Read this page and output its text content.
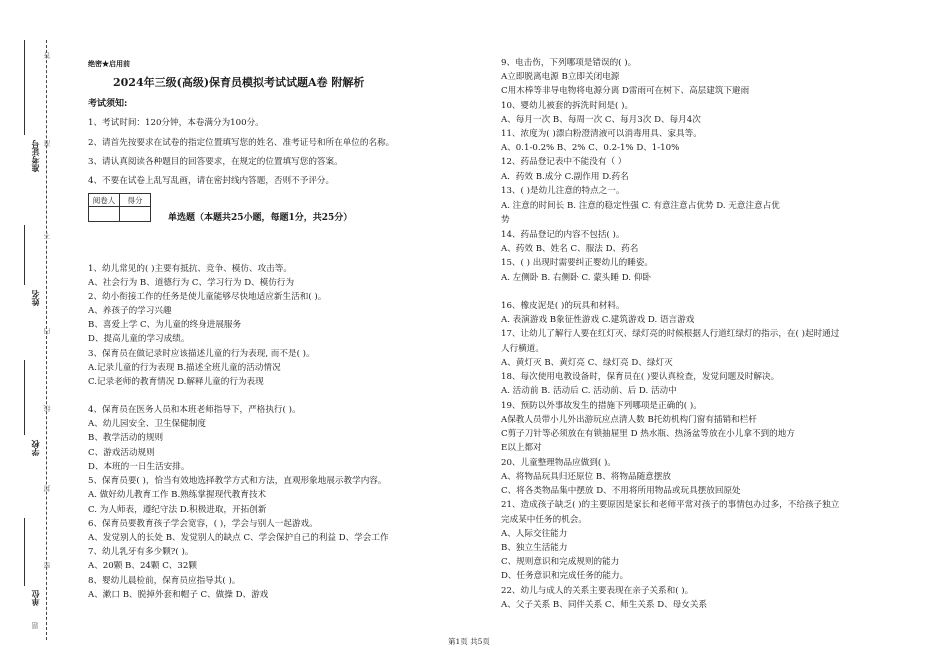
答
准
不
内
线
封
密
准考证号
姓名
学校
单位
题
绝密★启用前
2024年三级(高级)保育员模拟考试试题A卷 附解析
考试须知:
1、考试时间：120分钟，本卷满分为100分。
2、请首先按要求在试卷的指定位置填写您的姓名、准考证号和所在单位的名称。
3、请认真阅读各种题目的回答要求，在规定的位置填写您的答案。
4、不要在试卷上乱写乱画，请在密封线内答题，否则不予评分。
阅卷人	得分

单选题（本题共25小题，每题1分，共25分）
1、幼儿常见的( )主要有抵抗、竞争、模仿、攻击等。
A、社会行为 B、道德行为 C、学习行为 D、模仿行为
2、幼小衔接工作的任务是使儿童能够尽快地适应新生活和( )。
A、养孩子的学习兴趣
B、喜爱上学 C、为儿童的终身进展服务
D、提高儿童的学习成绩。
3、保育员在做记录时应该描述儿童的行为表现, 而不是( )。
A.记录儿童的行为表现 B.描述全班儿童的活动情况
C.记录老师的教育情况 D.解释儿童的行为表现
4、保育员在医务人员和本班老师指导下，严格执行( )。
A、幼儿园安全、卫生保健制度
B、教学活动的规则
C、游戏活动规则
D、本班的一日生活安排。
5、保育员要( )，恰当有效地选择教学方式和方法，直观形象地展示教学内容。
A. 做好幼儿教育工作 B.熟练掌握现代教育技术
C. 为人师表，遵纪守法 D.积极进取，开拓创新
6、保育员要教育孩子学会宽容，( )，学会与别人一起游戏。
A、发觉别人的长处 B、发觉别人的缺点 C、学会保护自己的利益 D、学会工作
7、幼儿乳牙有多少颗?( )。
A、20颗 B、24颗 C、32颗
8、婴幼儿晨检前，保育员应指导其( )。
A、漱口 B、脱掉外套和帽子 C、做操 D、游戏
9、电击伤，下列哪项是错误的( )。
A立即脱离电源 B立即关闭电源
C用木棒等非导电物将电源分离 D雷雨可在树下、高层建筑下避雨
10、婴幼儿被套的拆洗时间是( )。
A、每月一次 B、每周一次 C、每月3次 D、每月4次
11、浓度为( )漂白粉澄清液可以消毒用具、家具等。
A、0.1-0.2% B、2% C、0.2-1% D、1-10%
12、药品登记表中不能没有（ ）
A．药效 B.成分 C.副作用 D.药名
13、( )是幼儿注意的特点之一。
A. 注意的时间长 B. 注意的稳定性强 C. 有意注意占优势 D. 无意注意占优
势
14、药品登记的内容不包括( )。
A、药效 B、姓名 C、服法 D、药名
15、( ) 出现时需要纠正婴幼儿的睡姿。
A. 左侧卧 B. 右侧卧 C. 蒙头睡 D. 仰卧
16、橡皮泥是( )的玩具和材料。
A. 表演游戏 B象征性游戏 C.建筑游戏 D. 语言游戏
17、让幼儿了解行人要在红灯灭、绿灯亮的时候根据人行道红绿灯的指示，在( )起时通过
人行横道。
A、黄灯灭 B、黄灯亮 C、绿灯亮 D、绿灯灭
18、每次使用电教设备时，保育员在( )要认真检查，发觉问题及时解决。
A. 活动前 B. 活动后 C. 活动前、后 D. 活动中
19、预防以外事故发生的措施下列哪项是正确的( )。
A保教人员带小儿外出游玩应点清人数 B托幼机构门窗有插销和栏杆
C剪子刀针等必须放在有锁抽屉里 D 热水瓶、热汤盆等放在小儿拿不到的地方
E以上都对
20、儿童整理物品应做到( )。
A、将物品玩具归还原位 B、将物品随意摆放
C、将各类物品集中摆放 D、不用将所用物品或玩具摆放回原处
21、造成孩子缺乏( )的主要原因是家长和老师平常对孩子的事情包办过多，不给孩子独立
完成某中任务的机会。
A、人际交往能力
B、独立生活能力
C、规则意识和完成规则的能力
D、任务意识和完成任务的能力。
22、幼儿与成人的关系主要表现在亲子关系和( )。
A、父子关系 B、同伴关系 C、师生关系 D、母女关系
第1页 共5页
